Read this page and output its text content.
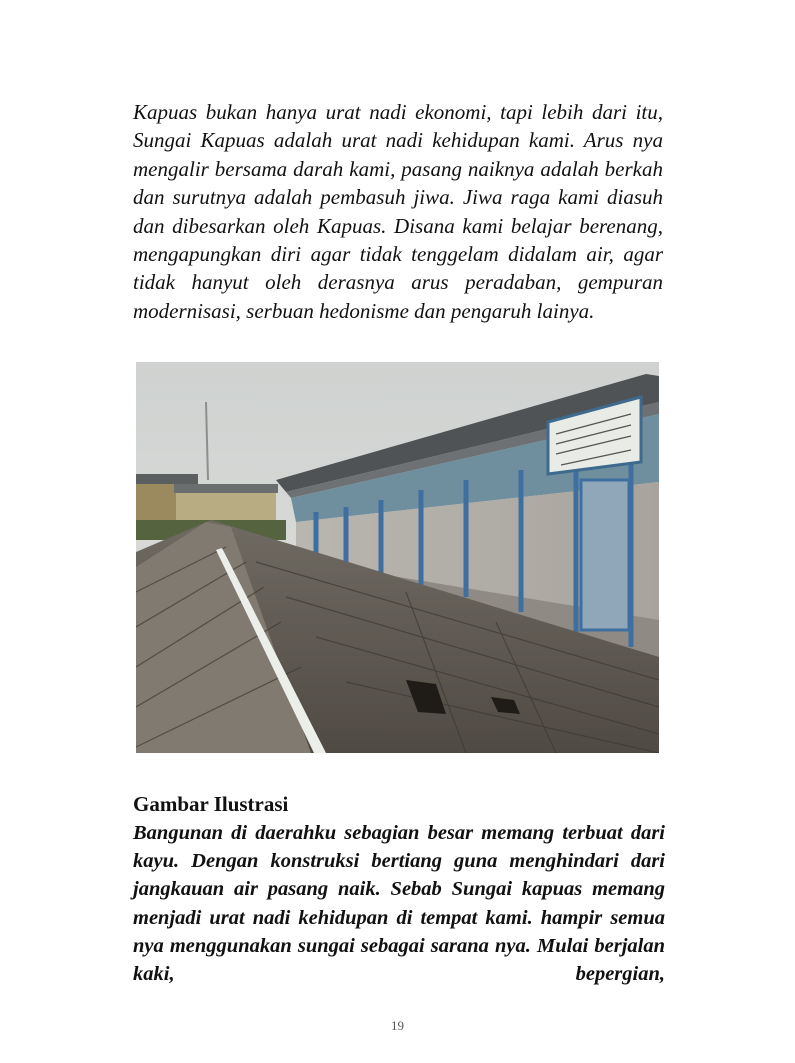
Kapuas bukan hanya urat nadi ekonomi, tapi lebih dari itu, Sungai Kapuas adalah urat nadi kehidupan kami. Arus nya mengalir bersama darah kami, pasang naiknya adalah berkah dan surutnya adalah pembasuh jiwa. Jiwa raga kami diasuh dan dibesarkan oleh Kapuas. Disana kami belajar berenang, mengapungkan diri agar tidak tenggelam didalam air, agar tidak hanyut oleh derasnya arus peradaban, gempuran modernisasi, serbuan hedonisme dan pengaruh lainya.

Gambar Ilustrasi

Bangunan di daerahku sebagian besar memang terbuat dari kayu. Dengan konstruksi bertiang guna menghindari dari jangkauan air pasang naik. Sebab Sungai kapuas memang menjadi urat nadi kehidupan di tempat kami. hampir semua nya menggunakan sungai sebagai sarana nya. Mulai berjalan kaki, bepergian,

19
